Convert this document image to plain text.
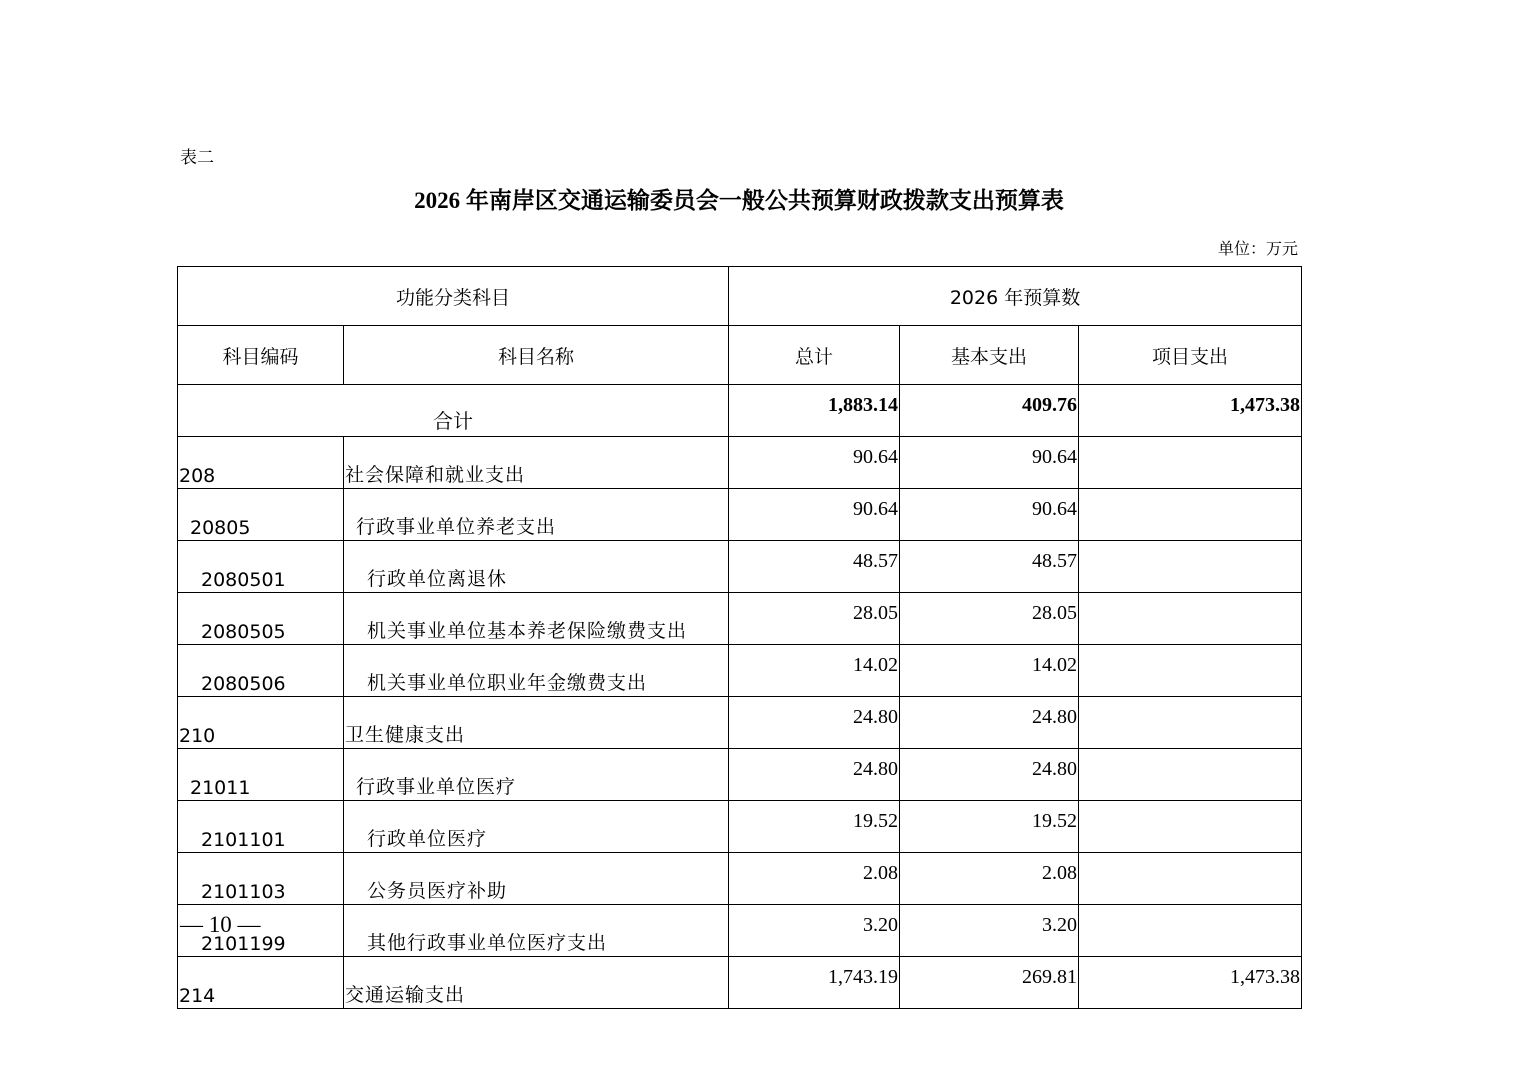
表二
2026 年南岸区交通运输委员会一般公共预算财政拨款支出预算表
单位：万元
功能分类科目		2026 年预算数		
科目编码	科目名称	总计	基本支出	项目支出
合计		1,883.14	409.76	1,473.38
208	社会保障和就业支出	90.64	90.64	
20805	行政事业单位养老支出	90.64	90.64	
2080501	行政单位离退休	48.57	48.57	
2080505	机关事业单位基本养老保险缴费支出	28.05	28.05	
2080506	机关事业单位职业年金缴费支出	14.02	14.02	
210	卫生健康支出	24.80	24.80	
21011	行政事业单位医疗	24.80	24.80	
2101101	行政单位医疗	19.52	19.52	
2101103	公务员医疗补助	2.08	2.08	
2101199	其他行政事业单位医疗支出	3.20	3.20	
214	交通运输支出	1,743.19	269.81	1,473.38
— 10 —
